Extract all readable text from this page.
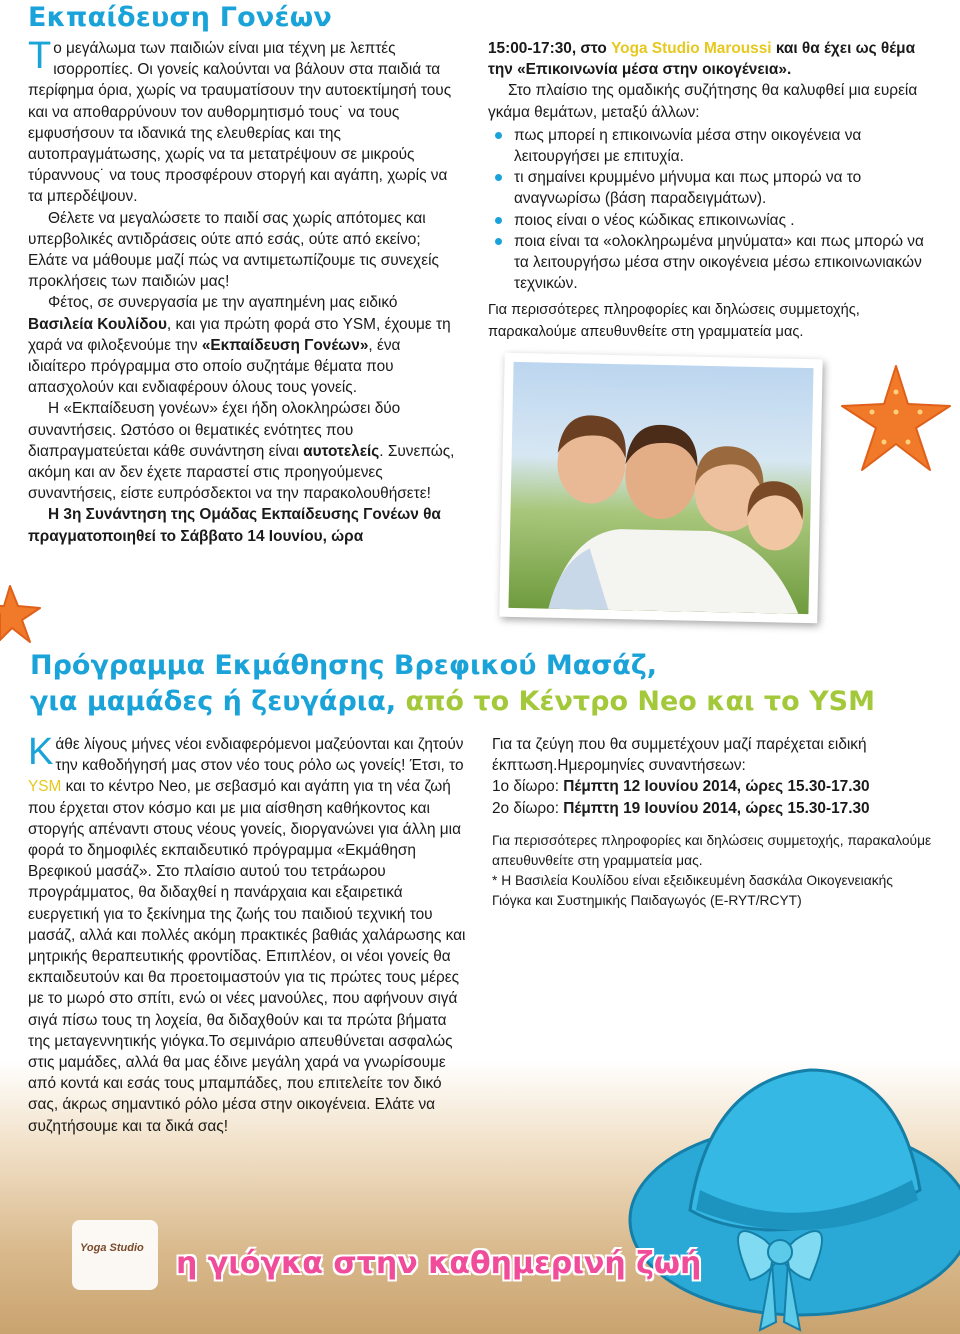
Εκπαίδευση Γονέων

Το μεγάλωμα των παιδιών είναι μια τέχνη με λεπτές ισορροπίες. Οι γονείς καλούνται να βάλουν στα παιδιά τα περίφημα όρια, χωρίς να τραυματίσουν την αυτοεκτίμησή τους και να αποθαρρύνουν τον αυθορμητισμό τους˙ να τους εμφυσήσουν τα ιδανικά της ελευθερίας και της αυτοπραγμάτωσης, χωρίς να τα μετατρέψουν σε μικρούς τύραννους˙ να τους προσφέρουν στοργή και αγάπη, χωρίς να τα μπερδέψουν.

Θέλετε να μεγαλώσετε το παιδί σας χωρίς απότομες και υπερβολικές αντιδράσεις ούτε από εσάς, ούτε από εκείνο; Ελάτε να μάθουμε μαζί πώς να αντιμετωπίζουμε τις συνεχείς προκλήσεις των παιδιών μας!

Φέτος, σε συνεργασία με την αγαπημένη μας ειδικό Βασιλεία Κουλίδου, και για πρώτη φορά στο YSM, έχουμε τη χαρά να φιλοξενούμε την «Εκπαίδευση Γονέων», ένα ιδιαίτερο πρόγραμμα στο οποίο συζητάμε θέματα που απασχολούν και ενδιαφέρουν όλους τους γονείς.

Η «Εκπαίδευση γονέων» έχει ήδη ολοκληρώσει δύο συναντήσεις. Ωστόσο οι θεματικές ενότητες που διαπραγματεύεται κάθε συνάντηση είναι αυτοτελείς. Συνεπώς, ακόμη και αν δεν έχετε παραστεί στις προηγούμενες συναντήσεις, είστε ευπρόσδεκτοι να την παρακολουθήσετε!

Η 3η Συνάντηση της Ομάδας Εκπαίδευσης Γονέων θα πραγματοποιηθεί το Σάββατο 14 Ιουνίου, ώρα

15:00-17:30, στο Yoga Studio Maroussi και θα έχει ως θέμα την «Επικοινωνία μέσα στην οικογένεια».

Στο πλαίσιο της ομαδικής συζήτησης θα καλυφθεί μια ευρεία γκάμα θεμάτων, μεταξύ άλλων:

πως μπορεί η επικοινωνία μέσα στην οικογένεια να λειτουργήσει με επιτυχία.
τι σημαίνει κρυμμένο μήνυμα και πως μπορώ να το αναγνωρίσω (βάση παραδειγμάτων).
ποιος είναι ο νέος κώδικας επικοινωνίας .
ποια είναι τα «ολοκληρωμένα μηνύματα» και πως μπορώ να τα λειτουργήσω μέσα στην οικογένεια μέσω επικοινωνιακών τεχνικών.

Για περισσότερες πληροφορίες και δηλώσεις συμμετοχής, παρακαλούμε απευθυνθείτε στη γραμματεία μας.

Πρόγραμμα Εκμάθησης Βρεφικού Μασάζ,
για μαμάδες ή ζευγάρια, από το Κέντρο Neo και το YSM

Κάθε λίγους μήνες νέοι ενδιαφερόμενοι μαζεύονται και ζητούν την καθοδήγησή μας στον νέο τους ρόλο ως γονείς! Έτσι, το YSM και το κέντρο Neo, με σεβασμό και αγάπη για τη νέα ζωή που έρχεται στον κόσμο και με μια αίσθηση καθήκοντος και στοργής απέναντι στους νέους γονείς, διοργανώνει για άλλη μια φορά το δημοφιλές εκπαιδευτικό πρόγραμμα «Εκμάθηση Βρεφικού μασάζ». Στο πλαίσιο αυτού του τετράωρου προγράμματος, θα διδαχθεί η πανάρχαια και εξαιρετικά ευεργετική για το ξεκίνημα της ζωής του παιδιού τεχνική του μασάζ, αλλά και πολλές ακόμη πρακτικές βαθιάς χαλάρωσης και μητρικής θεραπευτικής φροντίδας. Επιπλέον, οι νέοι γονείς θα εκπαιδευτούν και θα προετοιμαστούν για τις πρώτες τους μέρες με το μωρό στο σπίτι, ενώ οι νέες μανούλες, που αφήνουν σιγά σιγά πίσω τους τη λοχεία, θα διδαχθούν και τα πρώτα βήματα της μεταγεννητικής γιόγκα.Το σεμινάριο απευθύνεται ασφαλώς στις μαμάδες, αλλά θα μας έδινε μεγάλη χαρά να γνωρίσουμε από κοντά και εσάς τους μπαμπάδες, που επιτελείτε τον δικό σας, άκρως σημαντικό ρόλο μέσα στην οικογένεια. Ελάτε να συζητήσουμε και τα δικά σας!

Για τα ζεύγη που θα συμμετέχουν μαζί παρέχεται ειδική έκπτωση.Ημερομηνίες συναντήσεων:

1ο δίωρο: Πέμπτη 12 Ιουνίου 2014, ώρες 15.30-17.30

2ο δίωρο: Πέμπτη 19 Ιουνίου 2014, ώρες 15.30-17.30

Για περισσότερες πληροφορίες και δηλώσεις συμμετοχής, παρακαλούμε απευθυνθείτε στη γραμματεία μας.

* Η Βασιλεία Κουλίδου είναι εξειδικευμένη δασκάλα Οικογενειακής Γιόγκα και Συστημικής Παιδαγωγός (E-RYT/RCYT)

Yoga Studio η γιόγκα στην καθημερινή ζωή
